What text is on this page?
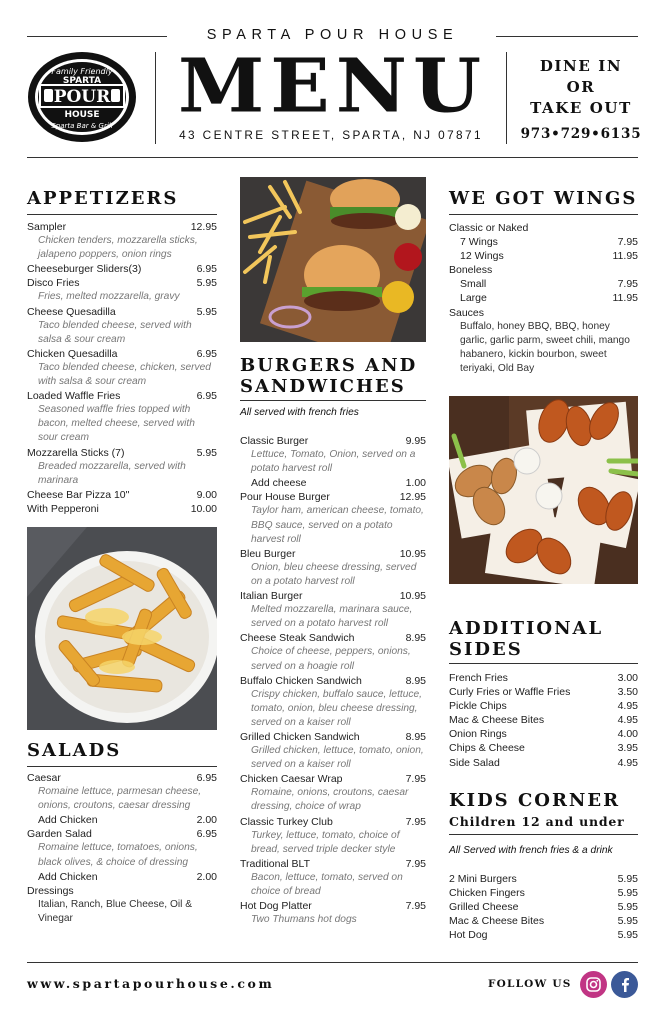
SPARTA POUR HOUSE
Family Friendly
SPARTA
POUR
HOUSE
Sparta Bar & Grill MENU
43 CENTRE STREET, SPARTA, NJ 07871
DINE IN
OR
TAKE OUT
973•729•6135
APPETIZERS
Sampler	12.95
Chicken tenders, mozzarella sticks, jalapeno poppers, onion rings
Cheeseburger Sliders(3)	6.95
Disco Fries	5.95
Fries, melted mozzarella, gravy
Cheese Quesadilla	5.95
Taco blended cheese, served with salsa & sour cream
Chicken Quesadilla	6.95
Taco blended cheese, chicken, served with salsa & sour cream
Loaded Waffle Fries	6.95
Seasoned waffle fries topped with bacon, melted cheese, served with sour cream
Mozzarella Sticks (7)	5.95
Breaded mozzarella, served with marinara
Cheese Bar Pizza 10"	9.00
With Pepperoni	10.00
SALADS
Caesar	6.95
Romaine lettuce, parmesan cheese, onions, croutons, caesar dressing
Add Chicken	2.00
Garden Salad	6.95
Romaine lettuce, tomatoes, onions, black olives, & choice of dressing
Add Chicken	2.00
Dressings
Italian, Ranch, Blue Cheese, Oil & Vinegar
BURGERS AND
SANDWICHES
All served with french fries
Classic Burger	9.95
Lettuce, Tomato, Onion, served on a potato harvest roll
Add cheese	1.00
Pour House Burger	12.95
Taylor ham, american cheese, tomato, BBQ sauce, served on a potato harvest roll
Bleu Burger	10.95
Onion, bleu cheese dressing, served on a potato harvest roll
Italian Burger	10.95
Melted mozzarella, marinara sauce, served on a potato harvest roll
Cheese Steak Sandwich	8.95
Choice of cheese, peppers, onions, served on a hoagie roll
Buffalo Chicken Sandwich	8.95
Crispy chicken, buffalo sauce, lettuce, tomato, onion, bleu cheese dressing, served on a kaiser roll
Grilled Chicken Sandwich	8.95
Grilled chicken, lettuce, tomato, onion, served on a kaiser roll
Chicken Caesar Wrap	7.95
Romaine, onions, croutons, caesar dressing, choice of wrap
Classic Turkey Club	7.95
Turkey, lettuce, tomato, choice of bread, served triple decker style
Traditional BLT	7.95
Bacon, lettuce, tomato, served on choice of bread
Hot Dog Platter	7.95
Two Thumans hot dogs
WE GOT WINGS
Classic or Naked
7 Wings	7.95
12 Wings	11.95
Boneless
Small	7.95
Large	11.95
Sauces
Buffalo, honey BBQ, BBQ, honey garlic, garlic parm, sweet chili, mango habanero, kickin bourbon, sweet teriyaki, Old Bay
ADDITIONAL
SIDES
French Fries	3.00
Curly Fries or Waffle Fries	3.50
Pickle Chips	4.95
Mac & Cheese Bites	4.95
Onion Rings	4.00
Chips & Cheese	3.95
Side Salad	4.95
KIDS CORNER
Children 12 and under
All Served with french fries & a drink
2 Mini Burgers	5.95
Chicken Fingers	5.95
Grilled Cheese	5.95
Mac & Cheese Bites	5.95
Hot Dog	5.95
www.spartapourhouse.com	FOLLOW US
